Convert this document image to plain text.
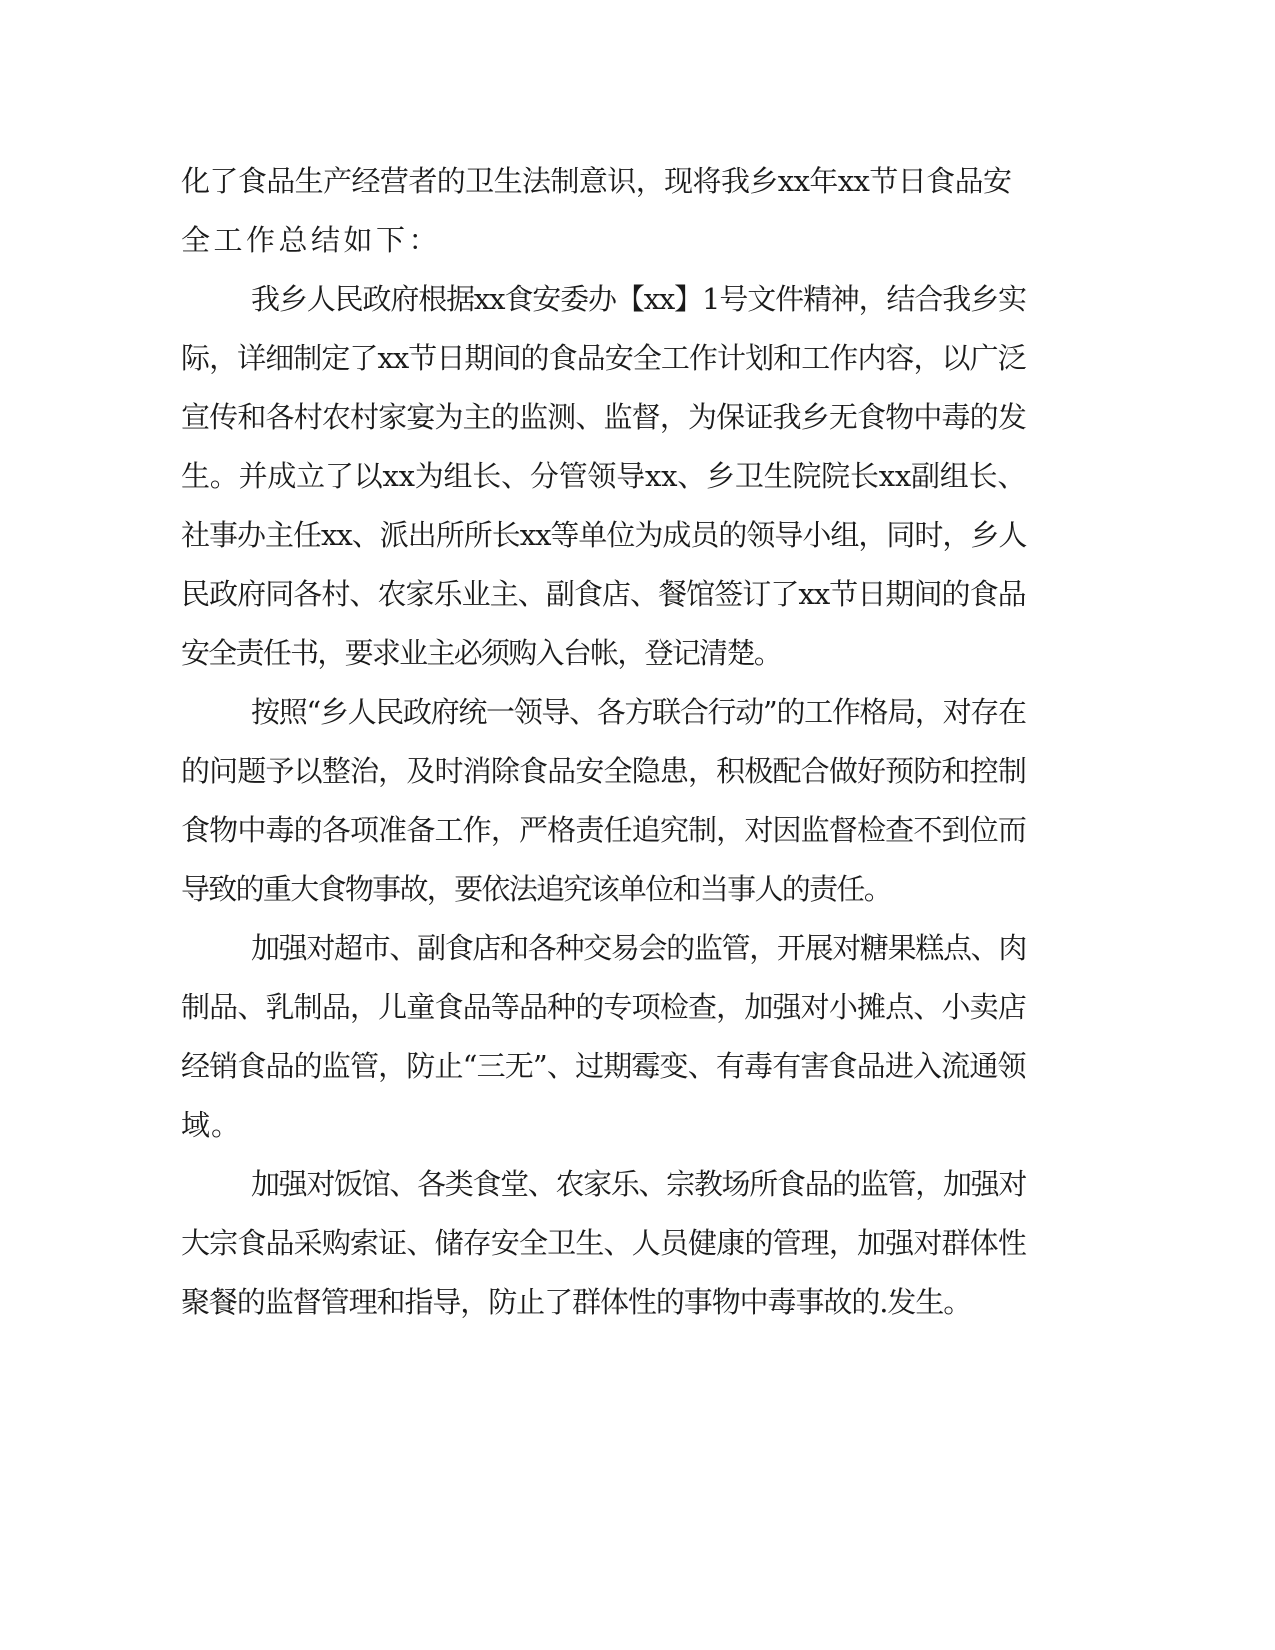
化了食品生产经营者的卫生法制意识，现将我乡xx年xx节日食品安
全工作总结如下：
我乡人民政府根据xx食安委办【xx】1号文件精神，结合我乡实
际，详细制定了xx节日期间的食品安全工作计划和工作内容，以广泛
宣传和各村农村家宴为主的监测、监督，为保证我乡无食物中毒的发
生。并成立了以xx为组长、分管领导xx、乡卫生院院长xx副组长、
社事办主任xx、派出所所长xx等单位为成员的领导小组，同时，乡人
民政府同各村、农家乐业主、副食店、餐馆签订了xx节日期间的食品
安全责任书，要求业主必须购入台帐，登记清楚。
按照“乡人民政府统一领导、各方联合行动”的工作格局，对存在
的问题予以整治，及时消除食品安全隐患，积极配合做好预防和控制
食物中毒的各项准备工作，严格责任追究制，对因监督检查不到位而
导致的重大食物事故，要依法追究该单位和当事人的责任。
加强对超市、副食店和各种交易会的监管，开展对糖果糕点、肉
制品、乳制品，儿童食品等品种的专项检查，加强对小摊点、小卖店
经销食品的监管，防止“三无”、过期霉变、有毒有害食品进入流通领
域。
加强对饭馆、各类食堂、农家乐、宗教场所食品的监管，加强对
大宗食品采购索证、储存安全卫生、人员健康的管理，加强对群体性
聚餐的监督管理和指导，防止了群体性的事物中毒事故的.发生。
